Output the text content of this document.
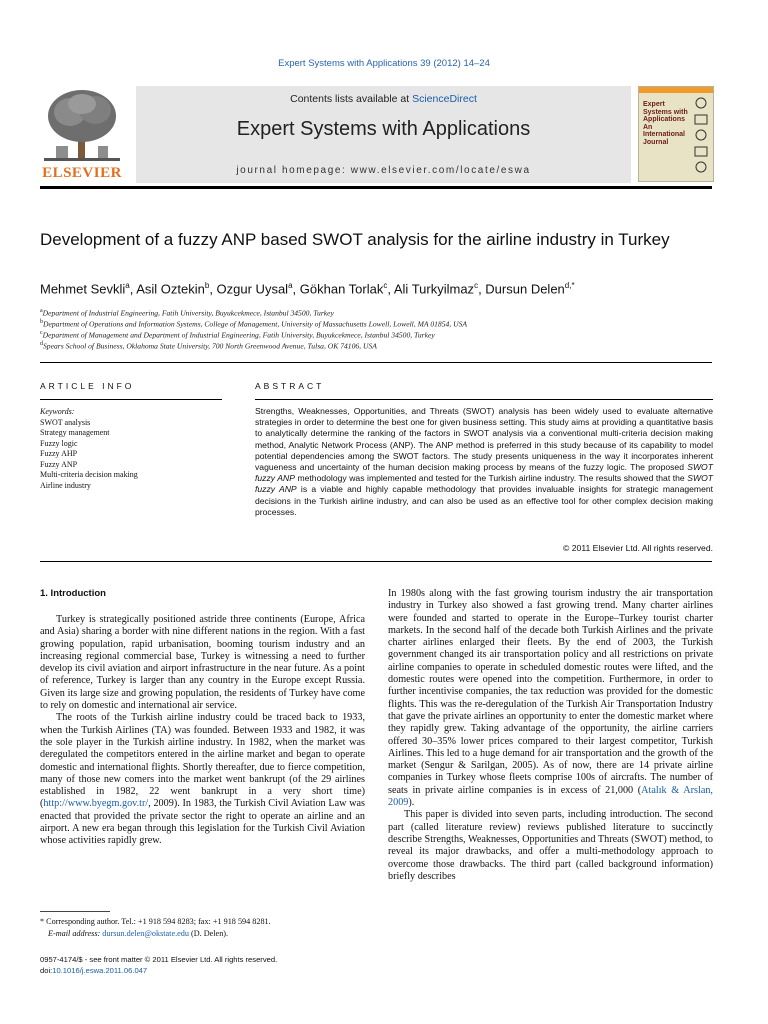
Expert Systems with Applications 39 (2012) 14–24
ELSEVIER
Contents lists available at ScienceDirect
Expert Systems with Applications
journal homepage: www.elsevier.com/locate/eswa
Expert Systems with Applications An International Journal
Development of a fuzzy ANP based SWOT analysis for the airline industry in Turkey
Mehmet Sevkli$^a$, Asil Oztekin$^b$, Ozgur Uysal$^a$, Gökhan Torlak$^c$, Ali Turkyilmaz$^c$, Dursun Delen$^{d,*}$
$^a$Department of Industrial Engineering, Fatih University, Buyukcekmece, Istanbul 34500, Turkey
$^b$Department of Operations and Information Systems, College of Management, University of Massachusetts Lowell, Lowell, MA 01854, USA
$^c$Department of Management and Department of Industrial Engineering, Fatih University, Buyukcekmece, Istanbul 34500, Turkey
$^d$Spears School of Business, Oklahoma State University, 700 North Greenwood Avenue, Tulsa, OK 74106, USA
ARTICLE INFO
Keywords:
SWOT analysis
Strategy management
Fuzzy logic
Fuzzy AHP
Fuzzy ANP
Multi-criteria decision making
Airline industry
ABSTRACT
Strengths, Weaknesses, Opportunities, and Threats (SWOT) analysis has been widely used to evaluate alternative strategies in order to determine the best one for given business setting. This study aims at providing a quantitative basis to analytically determine the ranking of the factors in SWOT analysis via a conventional multi-criteria decision making method, Analytic Network Process (ANP). The ANP method is preferred in this study because of its capability to model potential dependencies among the SWOT factors. The study presents uniqueness in the way it incorporates inherent vagueness and uncertainty of the human decision making process by means of the fuzzy logic. The proposed SWOT fuzzy ANP methodology was implemented and tested for the Turkish airline industry. The results showed that the SWOT fuzzy ANP is a viable and highly capable methodology that provides invaluable insights for strategic management decisions in the Turkish airline industry, and can also be used as an effective tool for other complex decision making processes.
© 2011 Elsevier Ltd. All rights reserved.
1. Introduction

Turkey is strategically positioned astride three continents (Europe, Africa and Asia) sharing a border with nine different nations in the region. With a fast growing population, rapid urbanisation, booming tourism industry and an increasing regional commercial base, Turkey is witnessing a need to further develop its civil aviation and airport infrastructure in the near future. As a point of reference, Turkey is larger than any country in the Europe except Russia. Given its large size and growing population, the residents of Turkey have come to rely on domestic and international air service.

The roots of the Turkish airline industry could be traced back to 1933, when the Turkish Airlines (TA) was founded. Between 1933 and 1982, it was the sole player in the Turkish airline industry. In 1982, when the market was deregulated the competitors entered in the airline market and began to operate domestic and international flights. Shortly thereafter, due to fierce competition, many of those new comers into the market went bankrupt (of the 29 airlines established in 1982, 22 went bankrupt in a very short time) (http://www.byegm.gov.tr/, 2009). In 1983, the Turkish Civil Aviation Law was enacted that provided the private sector the right to operate an airline and an airport. A new era began through this legislation for the Turkish Civil Aviation whose activities rapidly grew.

In 1980s along with the fast growing tourism industry the air transportation industry in Turkey also showed a fast growing trend. Many charter airlines were founded and started to operate in the Europe–Turkey tourist charter markets. In the second half of the decade both Turkish Airlines and the private charter airlines enlarged their fleets. By the end of 2003, the Turkish government changed its air transportation policy and all restrictions on private airline companies to operate in scheduled domestic routes were lifted, and the domestic routes were opened into the competition. Furthermore, in order to further incentivise companies, the tax reduction was provided for the domestic flights. This was the re-deregulation of the Turkish Air Transportation Industry that gave the private airlines an opportunity to enter the domestic market where they rapidly grew. Taking advantage of the opportunity, the airline carriers offered 30–35% lower prices compared to their largest competitor, Turkish Airlines. This led to a huge demand for air transportation and the growth of the market (Sengur & Sarilgan, 2005). As of now, there are 14 private airline companies in Turkey whose fleets comprise 100s of aircrafts. The number of seats in private airline companies is in excess of 21,000 (Atalık & Arslan, 2009).

This paper is divided into seven parts, including introduction. The second part (called literature review) reviews published literature to succinctly describe Strengths, Weaknesses, Opportunities and Threats (SWOT) method, to reveal its major drawbacks, and offer a multi-methodology approach to overcome those drawbacks. The third part (called background information) briefly describes

* Corresponding author. Tel.: +1 918 594 8283; fax: +1 918 594 8281.
E-mail address: dursun.delen@okstate.edu (D. Delen).
0957-4174/$ - see front matter © 2011 Elsevier Ltd. All rights reserved.
doi:10.1016/j.eswa.2011.06.047
